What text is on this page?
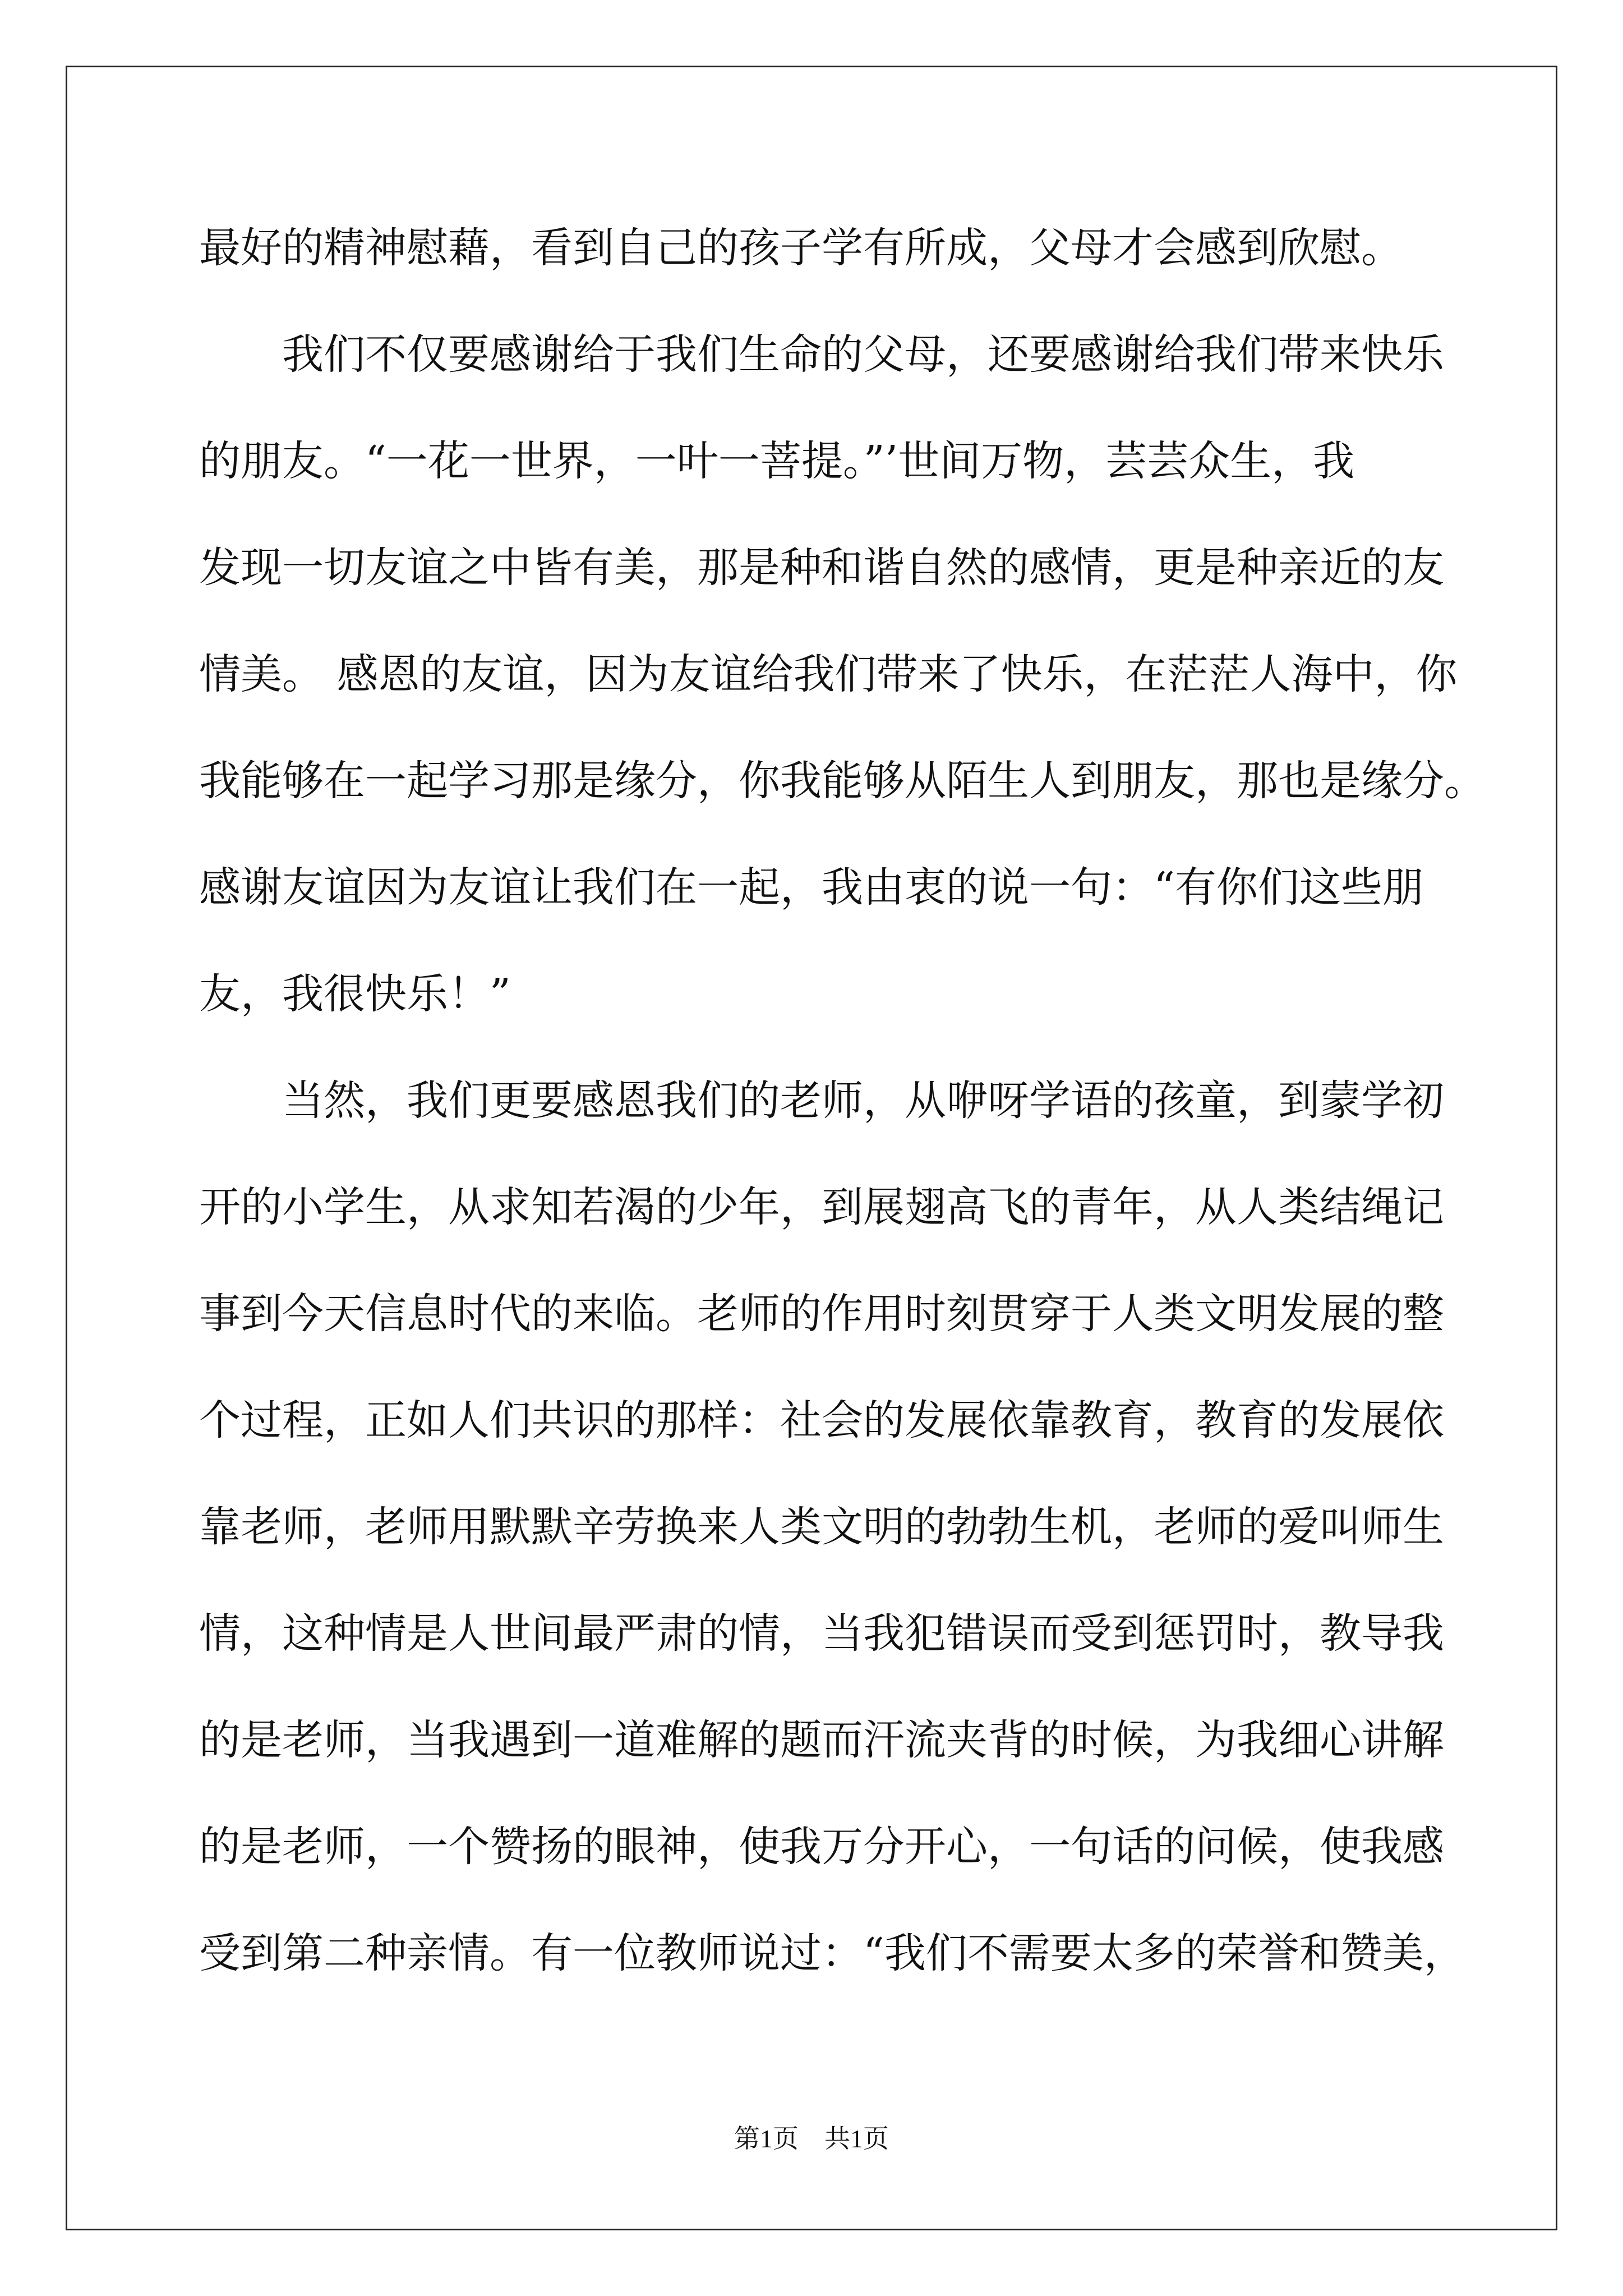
最好的精神慰藉，看到自己的孩子学有所成，父母才会感到欣慰。
　　我们不仅要感谢给于我们生命的父母，还要感谢给我们带来快乐
的朋友。“一花一世界，一叶一菩提。”’世间万物，芸芸众生，我
发现一切友谊之中皆有美，那是种和谐自然的感情，更是种亲近的友
情美。 感恩的友谊，因为友谊给我们带来了快乐，在茫茫人海中，你
我能够在一起学习那是缘分，你我能够从陌生人到朋友，那也是缘分。
感谢友谊因为友谊让我们在一起，我由衷的说一句：“有你们这些朋
友，我很快乐！”
　　当然，我们更要感恩我们的老师，从咿呀学语的孩童，到蒙学初
开的小学生，从求知若渴的少年，到展翅高飞的青年，从人类结绳记
事到今天信息时代的来临。老师的作用时刻贯穿于人类文明发展的整
个过程，正如人们共识的那样：社会的发展依靠教育，教育的发展依
靠老师，老师用默默辛劳换来人类文明的勃勃生机，老师的爱叫师生
情，这种情是人世间最严肃的情，当我犯错误而受到惩罚时，教导我
的是老师，当我遇到一道难解的题而汗流夹背的时候，为我细心讲解
的是老师，一个赞扬的眼神，使我万分开心，一句话的问候，使我感
受到第二种亲情。有一位教师说过：“我们不需要太多的荣誉和赞美，
第1页　共1页
